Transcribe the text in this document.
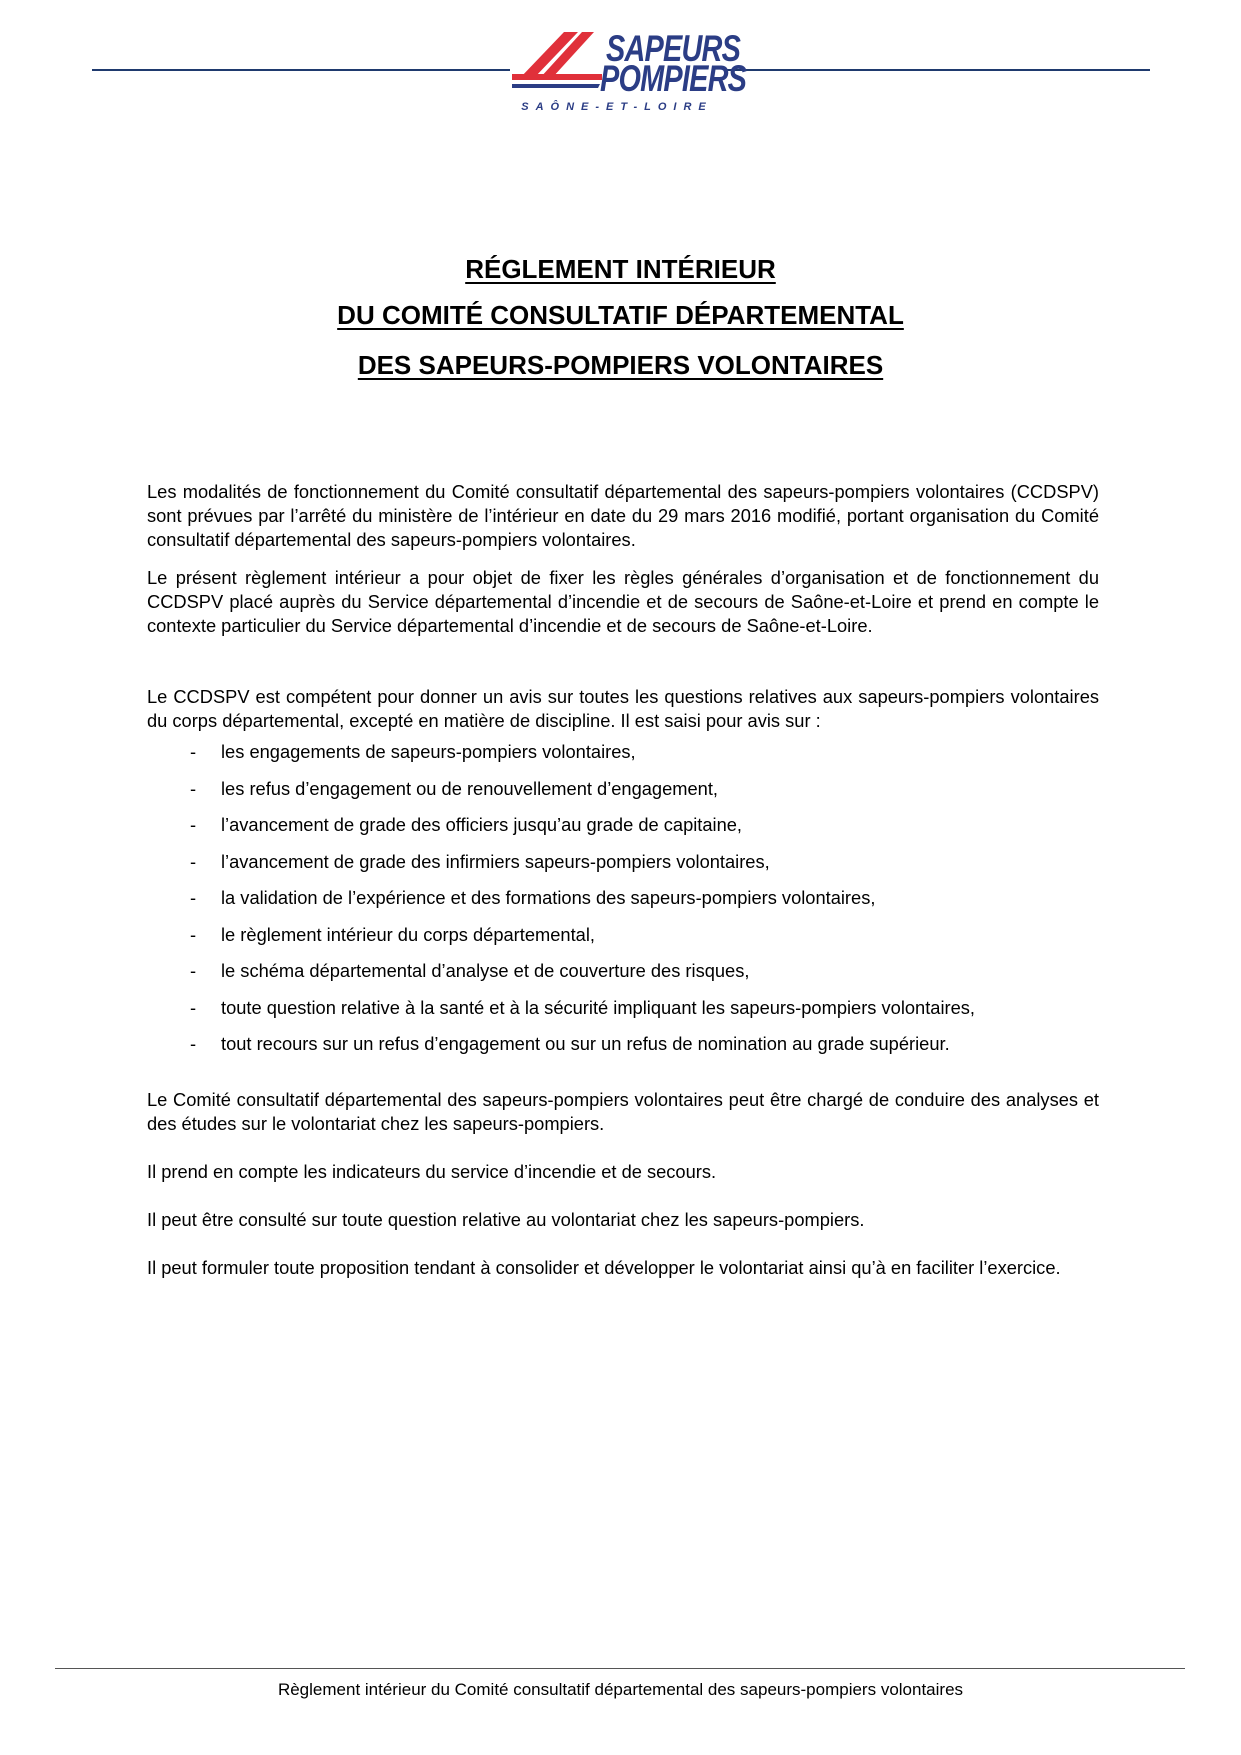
SAPEURS
POMPIERS
SAÔNE-ET-LOIRE
RÉGLEMENT INTÉRIEUR
DU COMITÉ CONSULTATIF DÉPARTEMENTAL
DES SAPEURS-POMPIERS VOLONTAIRES

Les modalités de fonctionnement du Comité consultatif départemental des sapeurs-pompiers volontaires (CCDSPV) sont prévues par l’arrêté du ministère de l’intérieur en date du 29 mars 2016 modifié, portant organisation du Comité consultatif départemental des sapeurs-pompiers volontaires.

Le présent règlement intérieur a pour objet de fixer les règles générales d’organisation et de fonctionnement du CCDSPV placé auprès du Service départemental d’incendie et de secours de Saône-et-Loire et prend en compte le contexte particulier du Service départemental d’incendie et de secours de Saône-et-Loire.

Le CCDSPV est compétent pour donner un avis sur toutes les questions relatives aux sapeurs-pompiers volontaires du corps départemental, excepté en matière de discipline. Il est saisi pour avis sur :

- les engagements de sapeurs-pompiers volontaires,
- les refus d’engagement ou de renouvellement d’engagement,
- l’avancement de grade des officiers jusqu’au grade de capitaine,
- l’avancement de grade des infirmiers sapeurs-pompiers volontaires,
- la validation de l’expérience et des formations des sapeurs-pompiers volontaires,
- le règlement intérieur du corps départemental,
- le schéma départemental d’analyse et de couverture des risques,
- toute question relative à la santé et à la sécurité impliquant les sapeurs-pompiers volontaires,
- tout recours sur un refus d’engagement ou sur un refus de nomination au grade supérieur.

Le Comité consultatif départemental des sapeurs-pompiers volontaires peut être chargé de conduire des analyses et des études sur le volontariat chez les sapeurs-pompiers.

Il prend en compte les indicateurs du service d’incendie et de secours.

Il peut être consulté sur toute question relative au volontariat chez les sapeurs-pompiers.

Il peut formuler toute proposition tendant à consolider et développer le volontariat ainsi qu’à en faciliter l’exercice.

Règlement intérieur du Comité consultatif départemental des sapeurs-pompiers volontaires
